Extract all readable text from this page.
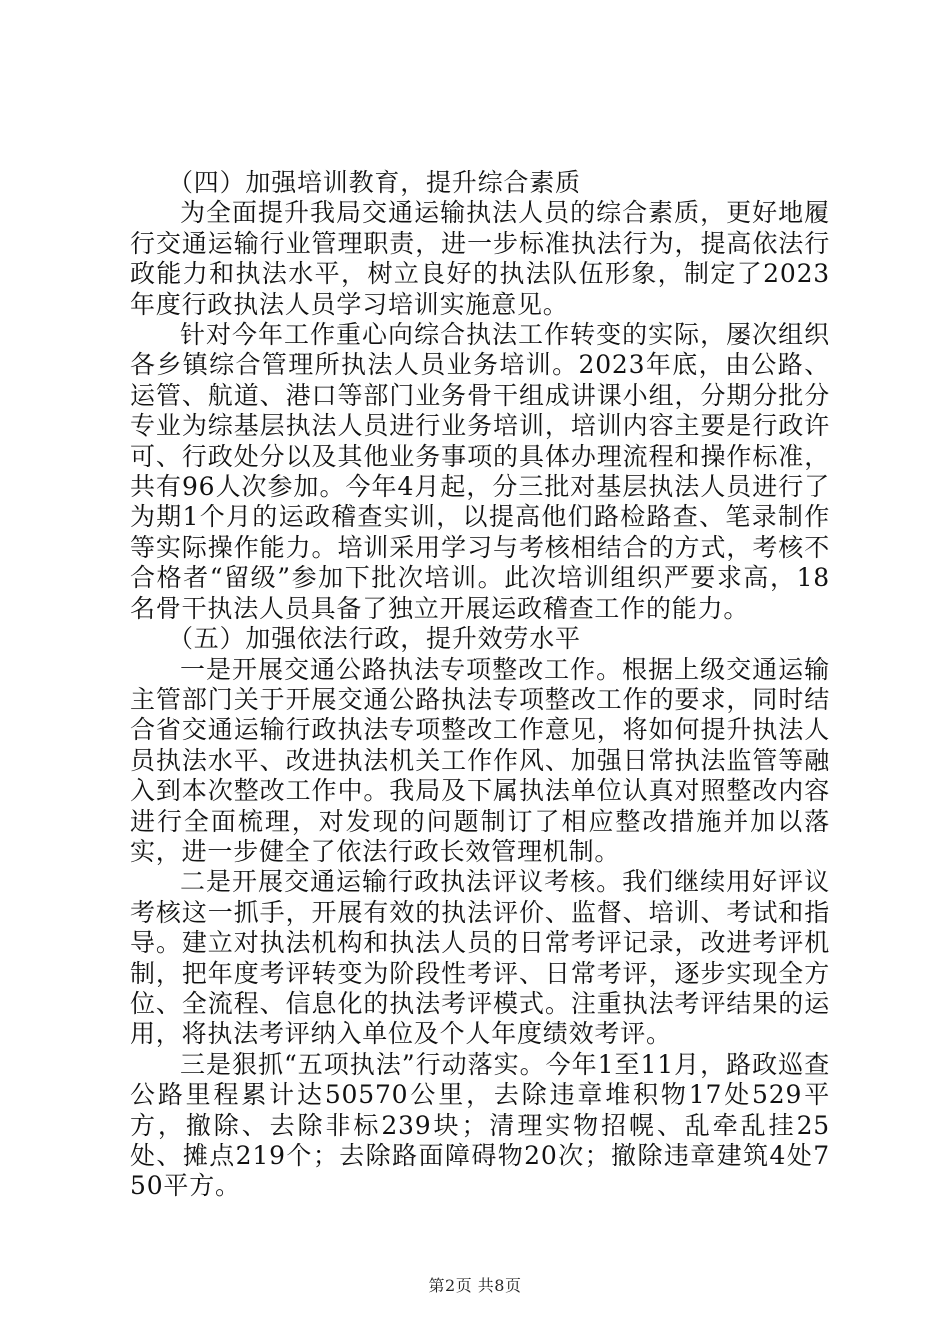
（四）加强培训教育，提升综合素质

为全面提升我局交通运输执法人员的综合素质，更好地履行交通运输行业管理职责，进一步标准执法行为，提高依法行政能力和执法水平，树立良好的执法队伍形象，制定了2023年度行政执法人员学习培训实施意见。

针对今年工作重心向综合执法工作转变的实际，屡次组织各乡镇综合管理所执法人员业务培训。2023年底，由公路、运管、航道、港口等部门业务骨干组成讲课小组，分期分批分专业为综基层执法人员进行业务培训，培训内容主要是行政许可、行政处分以及其他业务事项的具体办理流程和操作标准，共有96人次参加。今年4月起，分三批对基层执法人员进行了为期1个月的运政稽查实训，以提高他们路检路查、笔录制作等实际操作能力。培训采用学习与考核相结合的方式，考核不合格者“留级”参加下批次培训。此次培训组织严要求高，18名骨干执法人员具备了独立开展运政稽查工作的能力。

（五）加强依法行政，提升效劳水平

一是开展交通公路执法专项整改工作。根据上级交通运输主管部门关于开展交通公路执法专项整改工作的要求，同时结合省交通运输行政执法专项整改工作意见，将如何提升执法人员执法水平、改进执法机关工作作风、加强日常执法监管等融入到本次整改工作中。我局及下属执法单位认真对照整改内容进行全面梳理，对发现的问题制订了相应整改措施并加以落实，进一步健全了依法行政长效管理机制。

二是开展交通运输行政执法评议考核。我们继续用好评议考核这一抓手，开展有效的执法评价、监督、培训、考试和指导。建立对执法机构和执法人员的日常考评记录，改进考评机制，把年度考评转变为阶段性考评、日常考评，逐步实现全方位、全流程、信息化的执法考评模式。注重执法考评结果的运用，将执法考评纳入单位及个人年度绩效考评。

三是狠抓“五项执法”行动落实。今年1至11月，路政巡查公路里程累计达50570公里，去除违章堆积物17处529平方，撤除、去除非标239块；清理实物招幌、乱牵乱挂25处、摊点219个；去除路面障碍物20次；撤除违章建筑4处750平方。

第2页 共8页
